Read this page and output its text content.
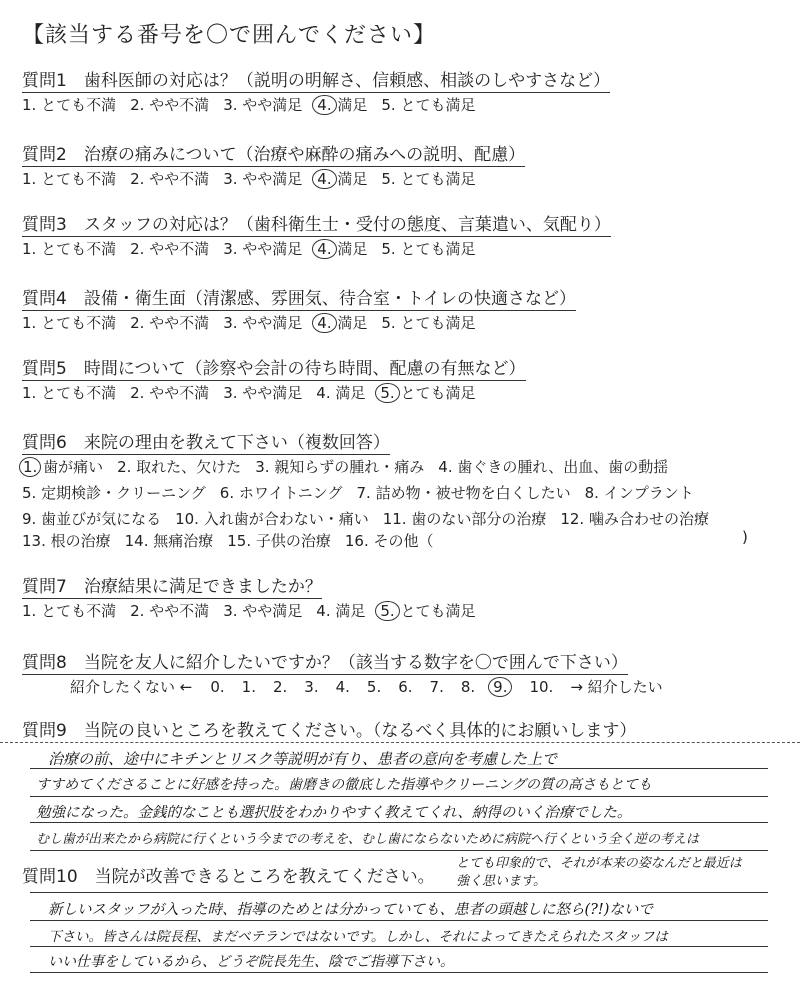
【該当する番号を〇で囲んでください】
質問1　 歯科医師の対応は？（説明の明解さ、信頼感、相談のしやすさなど）
1. とても不満 2. やや不満 3. やや満足 4. 満足 5. とても満足
質問2　 治療の痛みについて（治療や麻酔の痛みへの説明、配慮）
1. とても不満 2. やや不満 3. やや満足 4. 満足 5. とても満足
質問3　 スタッフの対応は？（歯科衛生士・受付の態度、言葉遣い、気配り）
1. とても不満 2. やや不満 3. やや満足 4. 満足 5. とても満足
質問4　 設備・衛生面（清潔感、雰囲気、待合室・トイレの快適さなど）
1. とても不満 2. やや不満 3. やや満足 4. 満足 5. とても満足
質問5　 時間について（診察や会計の待ち時間、配慮の有無など）
1. とても不満 2. やや不満 3. やや満足 4. 満足 5. とても満足
質問6　 来院の理由を教えて下さい（複数回答）
1. 歯が痛い 2. 取れた、欠けた 3. 親知らずの腫れ・痛み 4. 歯ぐきの腫れ、出血、歯の動揺
5. 定期検診・クリーニング 6. ホワイトニング 7. 詰め物・被せ物を白くしたい 8. インプラント
9. 歯並びが気になる 10. 入れ歯が合わない・痛い 11. 歯のない部分の治療 12. 噛み合わせの治療
13. 根の治療 14. 無痛治療 15. 子供の治療 16. その他（	)
質問7　 治療結果に満足できましたか？
1. とても不満 2. やや不満 3. やや満足 4. 満足 5. とても満足
質問8　 当院を友人に紹介したいですか？（該当する数字を〇で囲んで下さい）
紹介したくない ← 0. 1. 2. 3. 4. 5. 6. 7. 8. 9. 10. → 紹介したい
質問9　 当院の良いところを教えてください。（なるべく具体的にお願いします）
治療の前、途中にキチンとリスク等説明が有り、患者の意向を考慮した上で
すすめてくださることに好感を持った。歯磨きの徹底した指導やクリーニングの質の高さもとても
勉強になった。金銭的なことも選択肢をわかりやすく教えてくれ、納得のいく治療でした。
むし歯が出来たから病院に行くという今までの考えを、むし歯にならないために病院へ行くという全く逆の考えは
質問10　 当院が改善できるところを教えてください。
とても印象的で、それが本来の姿なんだと最近は
強く思います。
新しいスタッフが入った時、指導のためとは分かっていても、患者の頭越しに怒ら(?!)ないで
下さい。皆さんは院長程、まだベテランではないです。しかし、それによってきたえられたスタッフは
いい仕事をしているから、どうぞ院長先生、陰でご指導下さい。
